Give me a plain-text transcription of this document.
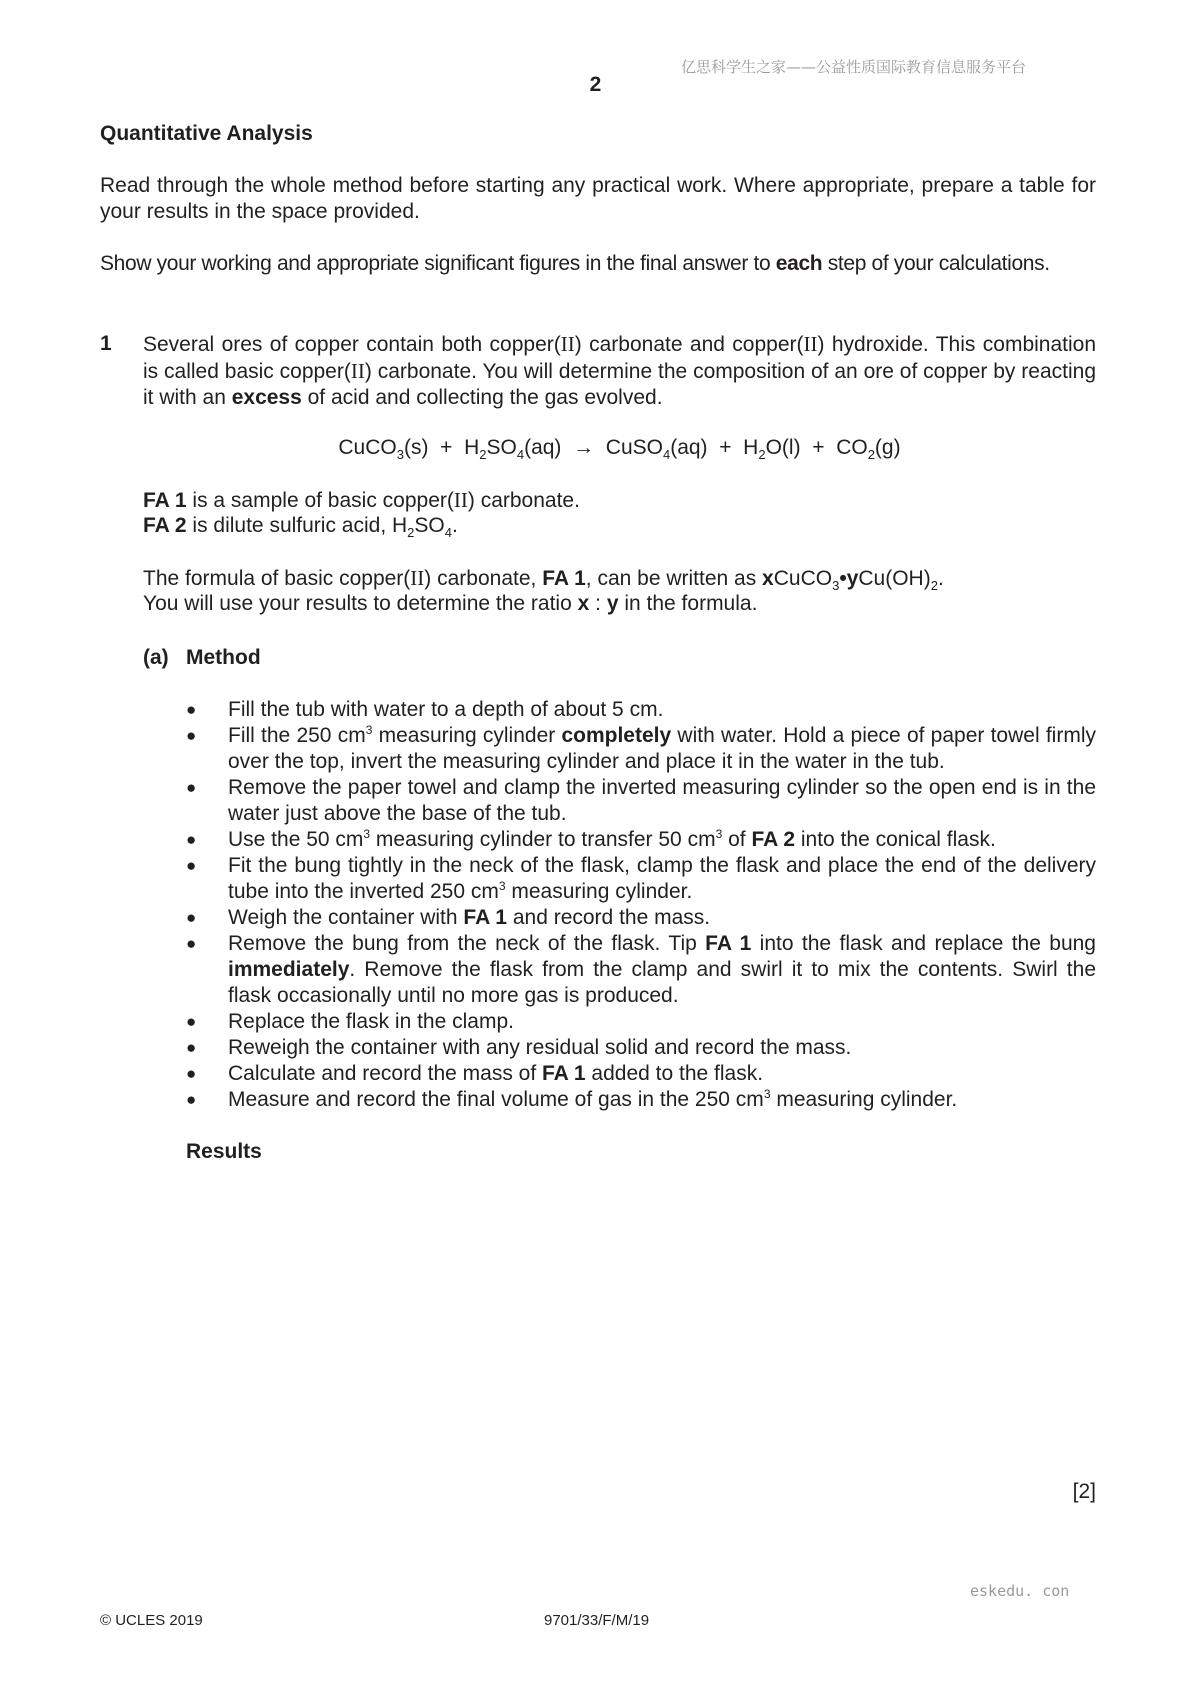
亿思科学生之家——公益性质国际教育信息服务平台
2
Quantitative Analysis
Read through the whole method before starting any practical work. Where appropriate, prepare a table for your results in the space provided.
Show your working and appropriate significant figures in the final answer to each step of your calculations.
1 Several ores of copper contain both copper(II) carbonate and copper(II) hydroxide. This combination is called basic copper(II) carbonate. You will determine the composition of an ore of copper by reacting it with an excess of acid and collecting the gas evolved.
CuCO$_3$(s) + $H_2SO_4(aq)$ → CuSO$_4$(aq) + $H_2O(l) + CO_2(g)$
FA 1 is a sample of basic copper(II) carbonate.
FA 2 is dilute sulfuric acid, $H_2SO_4$.
The formula of basic copper(II) carbonate, FA 1, can be written as $xCuCO_3•yCu(OH)_2$.
You will use your results to determine the ratio x : y in the formula.
(a) Method
● Fill the tub with water to a depth of about 5 cm.
● Fill the 250 $cm^3$ measuring cylinder completely with water. Hold a piece of paper towel firmly over the top, invert the measuring cylinder and place it in the water in the tub.
● Remove the paper towel and clamp the inverted measuring cylinder so the open end is in the water just above the base of the tub.
● Use the 50 $cm^3$ measuring cylinder to transfer 50 $cm^3$ of FA 2 into the conical flask.
● Fit the bung tightly in the neck of the flask, clamp the flask and place the end of the delivery tube into the inverted 250 $cm^3$ measuring cylinder.
● Weigh the container with FA 1 and record the mass.
● Remove the bung from the neck of the flask. Tip FA 1 into the flask and replace the bung immediately. Remove the flask from the clamp and swirl it to mix the contents. Swirl the flask occasionally until no more gas is produced.
● Replace the flask in the clamp.
● Reweigh the container with any residual solid and record the mass.
● Calculate and record the mass of FA 1 added to the flask.
● Measure and record the final volume of gas in the 250 $cm^3$ measuring cylinder.
Results
[2]
eskedu. con
© UCLES 2019	9701/33/F/M/19
